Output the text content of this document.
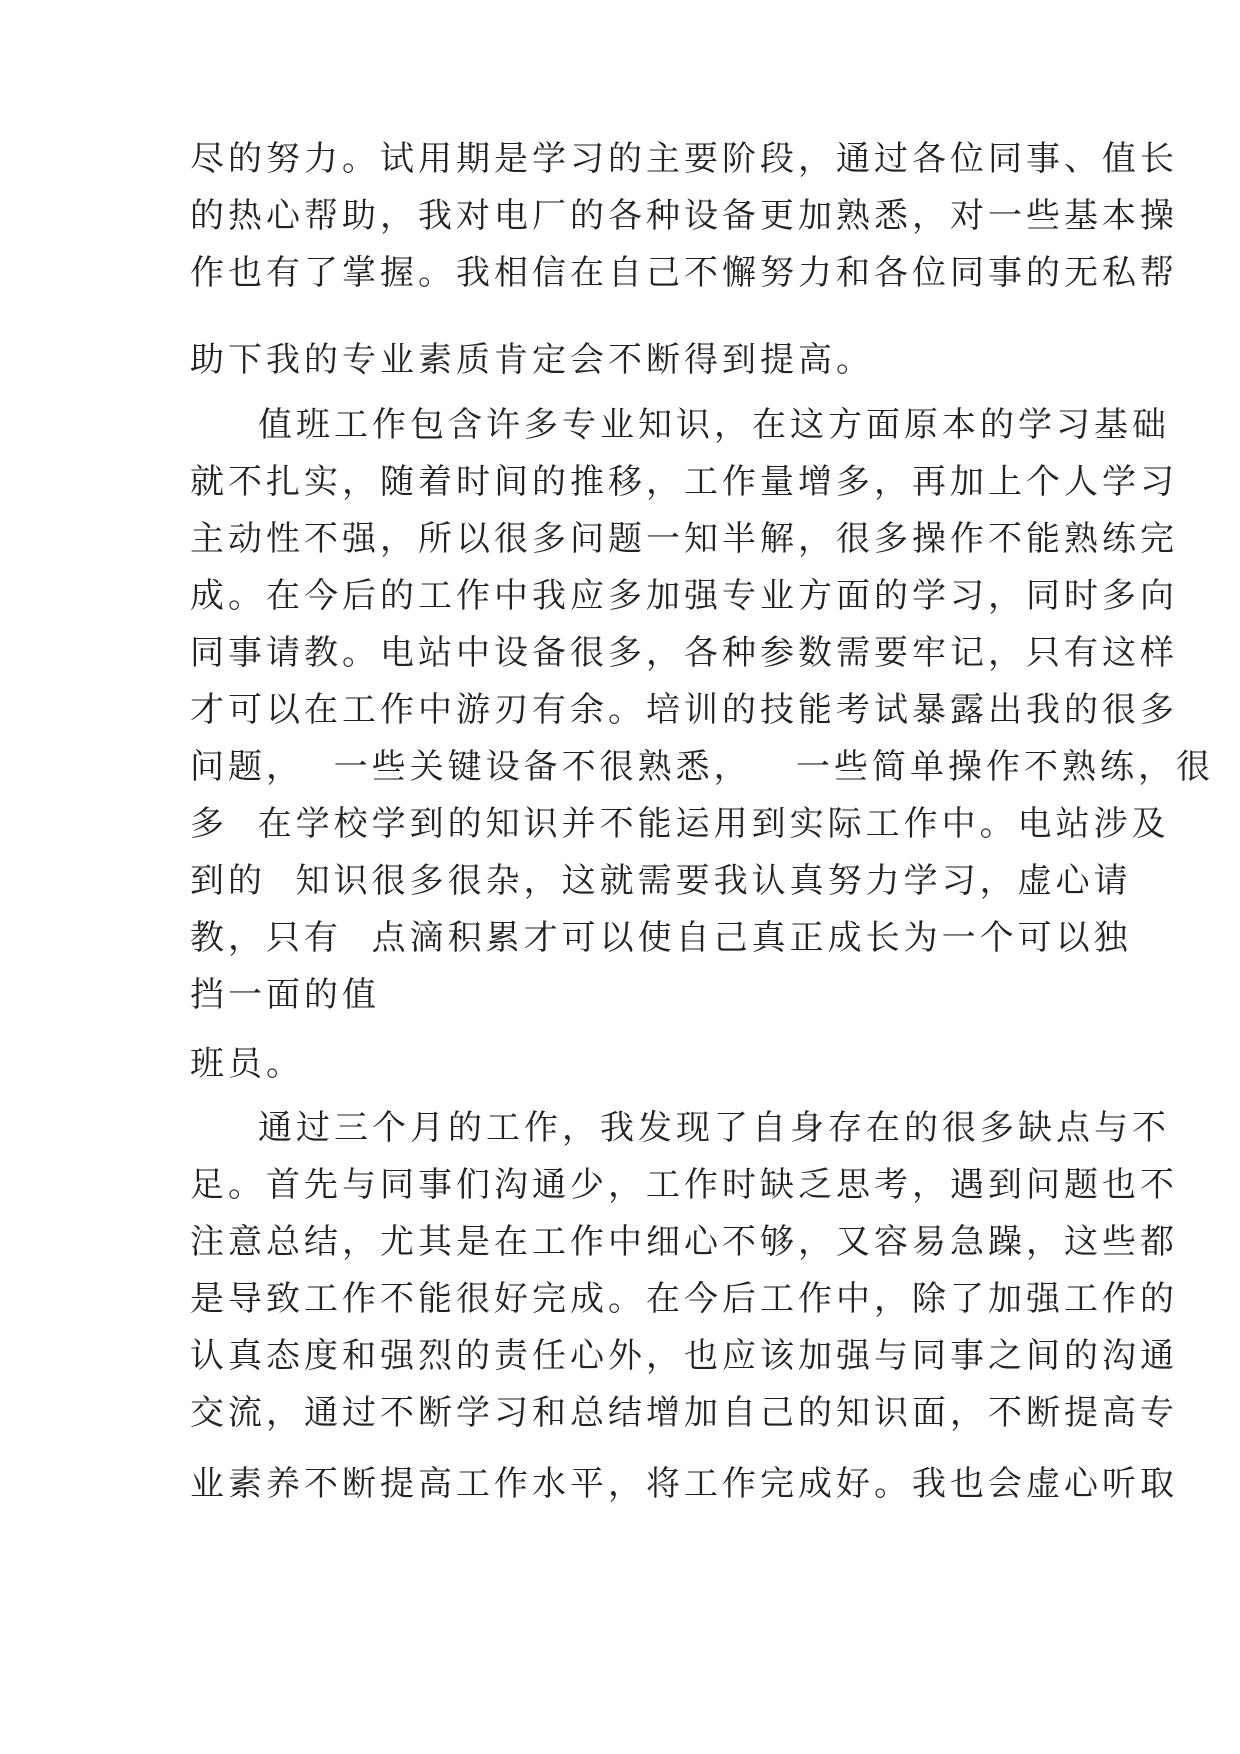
尽的努力。试用期是学习的主要阶段，通过各位同事、值长
的热心帮助，我对电厂的各种设备更加熟悉，对一些基本操
作也有了掌握。我相信在自己不懈努力和各位同事的无私帮
助下我的专业素质肯定会不断得到提高。
值班工作包含许多专业知识，在这方面原本的学习基础
就不扎实，随着时间的推移，工作量增多，再加上个人学习
主动性不强，所以很多问题一知半解，很多操作不能熟练完
成。在今后的工作中我应多加强专业方面的学习，同时多向
同事请教。电站中设备很多，各种参数需要牢记，只有这样
才可以在工作中游刃有余。培训的技能考试暴露出我的很多
问题，  一些关键设备不很熟悉，   一些简单操作不熟练，很
多  在学校学到的知识并不能运用到实际工作中。电站涉及
到的  知识很多很杂，这就需要我认真努力学习，虚心请
教，只有  点滴积累才可以使自己真正成长为一个可以独
挡一面的值
班员。
通过三个月的工作，我发现了自身存在的很多缺点与不
足。首先与同事们沟通少，工作时缺乏思考，遇到问题也不
注意总结，尤其是在工作中细心不够，又容易急躁，这些都
是导致工作不能很好完成。在今后工作中，除了加强工作的
认真态度和强烈的责任心外，也应该加强与同事之间的沟通
交流，通过不断学习和总结增加自己的知识面，不断提高专
业素养不断提高工作水平，将工作完成好。我也会虚心听取
